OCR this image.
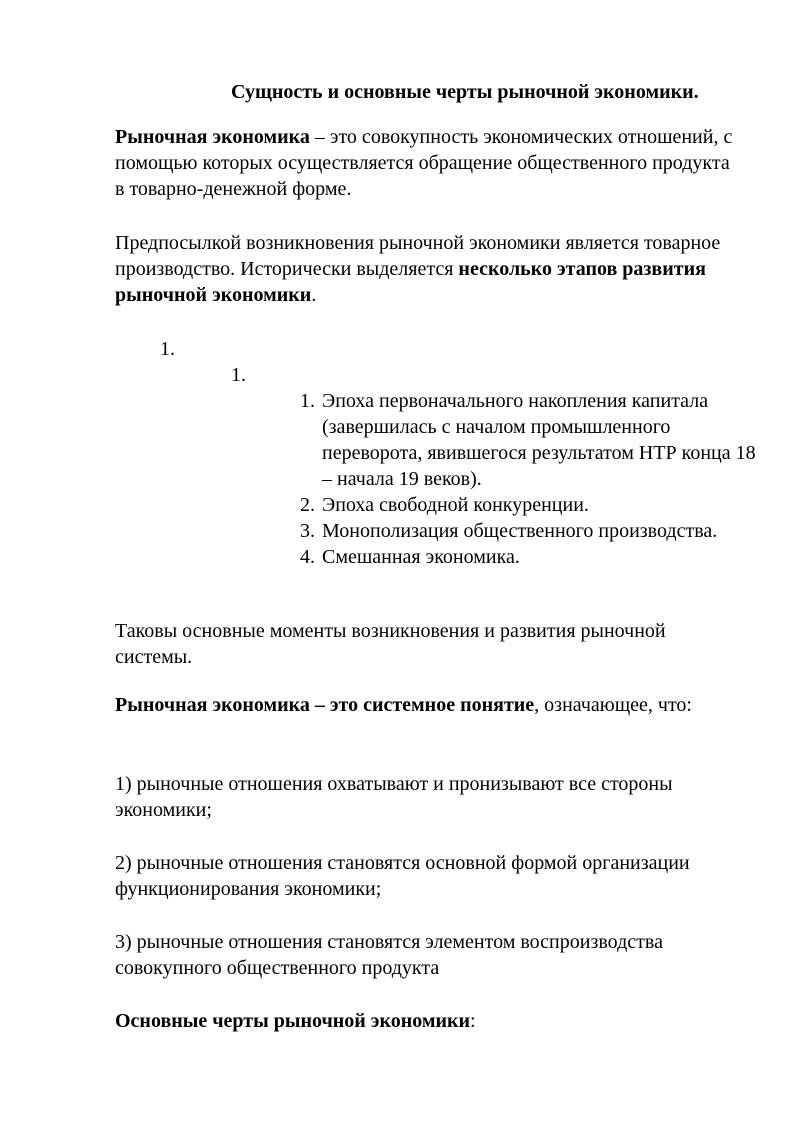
Сущность и основные черты рыночной экономики.
Рыночная экономика – это совокупность экономических отношений, с помощью которых осуществляется обращение общественного продукта в товарно-денежной форме.
Предпосылкой возникновения рыночной экономики является товарное производство. Исторически выделяется несколько этапов развития рыночной экономики.
1.
1.
1. Эпоха первоначального накопления капитала (завершилась с началом промышленного переворота, явившегося результатом НТР конца 18 – начала 19 веков).
2. Эпоха свободной конкуренции.
3. Монополизация общественного производства.
4. Смешанная экономика.
Таковы основные моменты возникновения и развития рыночной системы.
Рыночная экономика – это системное понятие, означающее, что:
1) рыночные отношения охватывают и пронизывают все стороны экономики;
2) рыночные отношения становятся основной формой организации функционирования экономики;
3) рыночные отношения становятся элементом воспроизводства совокупного общественного продукта
Основные черты рыночной экономики:
